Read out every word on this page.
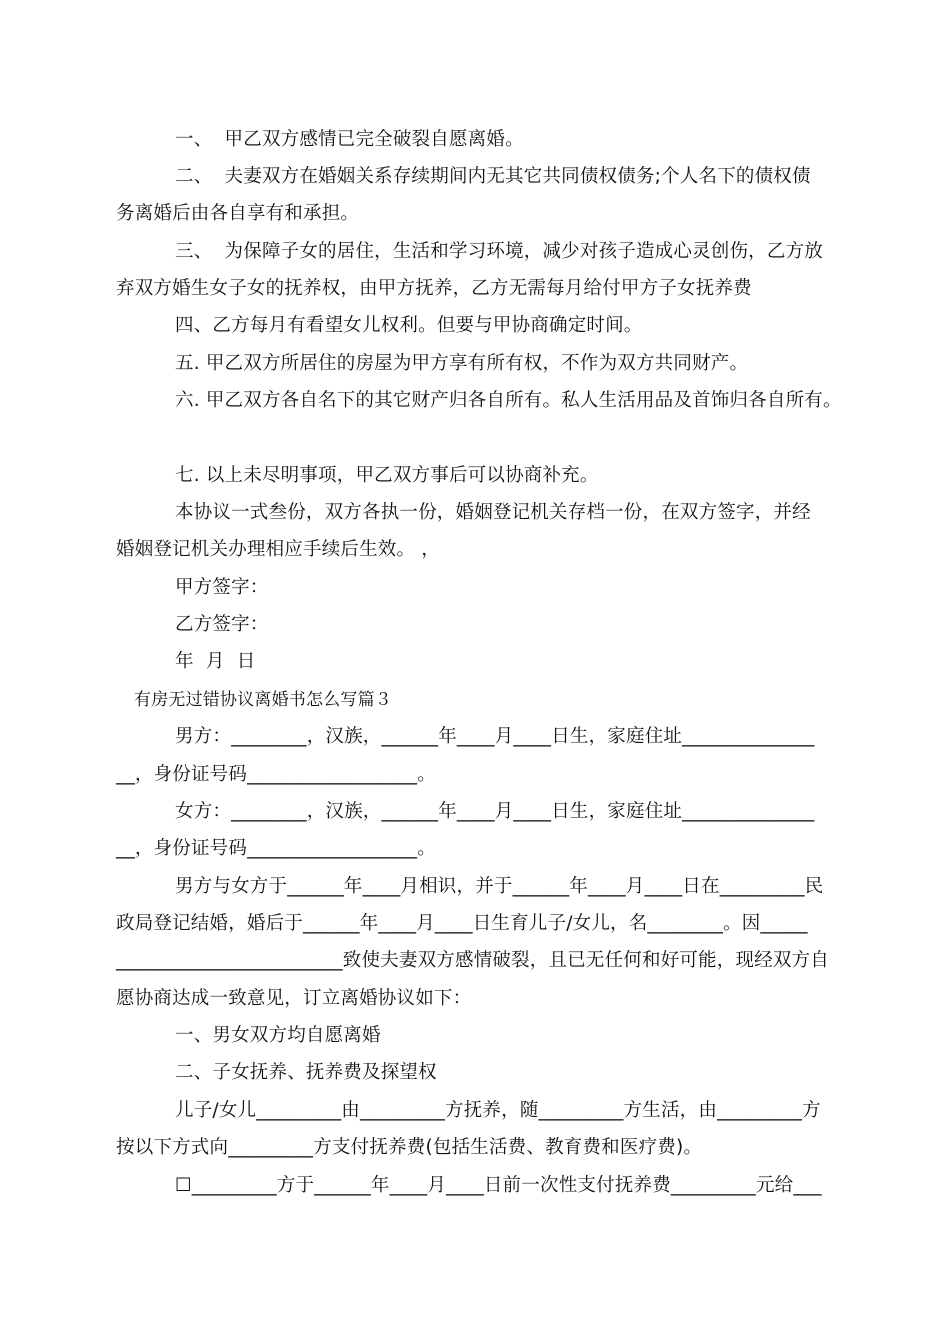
一、  甲乙双方感情已完全破裂自愿离婚。
二、  夫妻双方在婚姻关系存续期间内无其它共同债权债务;个人名下的债权债
务离婚后由各自享有和承担。
三、  为保障子女的居住，生活和学习环境，减少对孩子造成心灵创伤，乙方放
弃双方婚生女子女的抚养权，由甲方抚养，乙方无需每月给付甲方子女抚养费
四、乙方每月有看望女儿权利。但要与甲协商确定时间。
五. 甲乙双方所居住的房屋为甲方享有所有权，不作为双方共同财产。
六. 甲乙双方各自名下的其它财产归各自所有。私人生活用品及首饰归各自所有。
七. 以上未尽明事项，甲乙双方事后可以协商补充。
本协议一式叁份，双方各执一份，婚姻登记机关存档一份，在双方签字，并经
婚姻登记机关办理相应手续后生效。 ，
甲方签字：
乙方签字：
年  月  日
有房无过错协议离婚书怎么写篇３
男方：________，汉族，______年____月____日生，家庭住址______________
__，身份证号码__________________。
女方：________，汉族，______年____月____日生，家庭住址______________
__，身份证号码__________________。
男方与女方于______年____月相识，并于______年____月____日在_________民
政局登记结婚，婚后于______年____月____日生育儿子/女儿，名________。因_____
________________________致使夫妻双方感情破裂，且已无任何和好可能，现经双方自
愿协商达成一致意见，订立离婚协议如下：
一、男女双方均自愿离婚
二、子女抚养、抚养费及探望权
儿子/女儿_________由_________方抚养，随_________方生活，由_________方
按以下方式向_________方支付抚养费(包括生活费、教育费和医疗费)。
☐_________方于______年____月____日前一次性支付抚养费_________元给___
